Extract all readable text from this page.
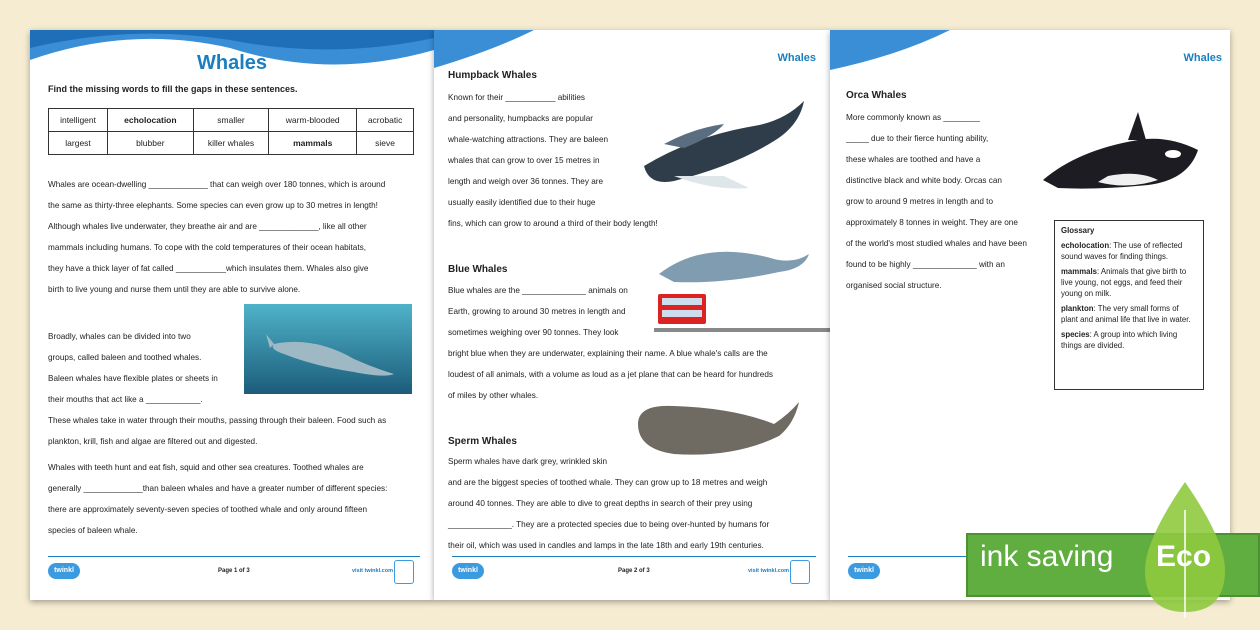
Whales
Find the missing words to fill the gaps in these sentences.
intelligent	echolocation	smaller	warm-blooded	acrobatic
largest	blubber	killer whales	mammals	sieve
Whales are ocean-dwelling _____________ that can weigh over 180 tonnes, which is around
the same as thirty-three elephants. Some species can even grow up to 30 metres in length!
Although whales live underwater, they breathe air and are _____________, like all other
mammals including humans. To cope with the cold temperatures of their ocean habitats,
they have a thick layer of fat called ___________which insulates them. Whales also give
birth to live young and nurse them until they are able to survive alone.
Broadly, whales can be divided into two
groups, called baleen and toothed whales.
Baleen whales have flexible plates or sheets in
their mouths that act like a ____________.
These whales take in water through their mouths, passing through their baleen. Food such as
plankton, krill, fish and algae are filtered out and digested.
Whales with teeth hunt and eat fish, squid and other sea creatures. Toothed whales are
generally _____________than baleen whales and have a greater number of different species:
there are approximately seventy-seven species of toothed whale and only around fifteen
species of baleen whale.
twinkl	Page 1 of 3	visit twinkl.com
Whales
Humpback Whales
Known for their ___________ abilities
and personality, humpbacks are popular
whale-watching attractions. They are baleen
whales that can grow to over 15 metres in
length and weigh over 36 tonnes. They are
usually easily identified due to their huge
fins, which can grow to around a third of their body length!
Blue Whales
Blue whales are the ______________ animals on
Earth, growing to around 30 metres in length and
sometimes weighing over 90 tonnes. They look
bright blue when they are underwater, explaining their name. A blue whale's calls are the
loudest of all animals, with a volume as loud as a jet plane that can be heard for hundreds
of miles by other whales.
Sperm Whales
Sperm whales have dark grey, wrinkled skin
and are the biggest species of toothed whale. They can grow up to 18 metres and weigh
around 40 tonnes. They are able to dive to great depths in search of their prey using
______________. They are a protected species due to being over-hunted by humans for
their oil, which was used in candles and lamps in the late 18th and early 19th centuries.
twinkl	Page 2 of 3	visit twinkl.com
Whales
Orca Whales
More commonly known as ________
_____ due to their fierce hunting ability,
these whales are toothed and have a
distinctive black and white body. Orcas can
grow to around 9 metres in length and to
approximately 8 tonnes in weight. They are one
of the world's most studied whales and have been
found to be highly ______________ with an
organised social structure.

Glossary

echolocation: The use of reflected sound waves for finding things.

mammals: Animals that give birth to live young, not eggs, and feed their young on milk.

plankton: The very small forms of plant and animal life that live in water.

species: A group into which living things are divided.

twinkl	ink saving Eco
